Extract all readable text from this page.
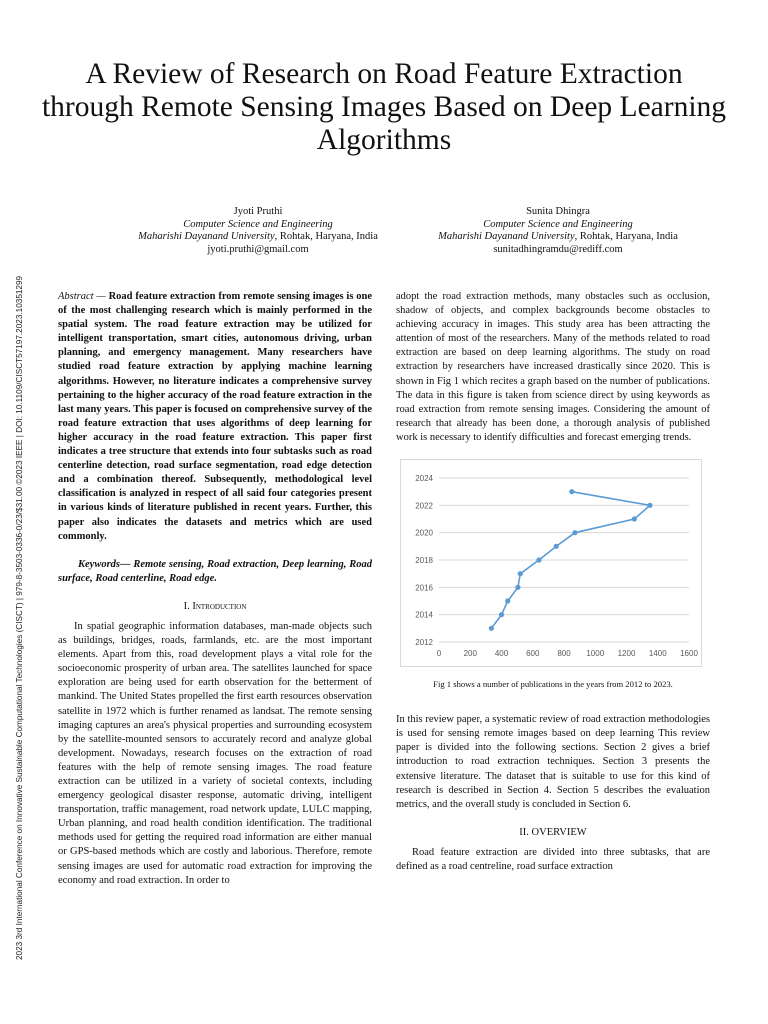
2023 3rd International Conference on Innovative Sustainable Computational Technologies (CISCT) | 979-8-3503-0336-0/23/$31.00 ©2023 IEEE | DOI: 10.1109/CISCT57197.2023.10351299
A Review of Research on Road Feature Extraction through Remote Sensing Images Based on Deep Learning Algorithms
Jyoti Pruthi
Computer Science and Engineering
Maharishi Dayanand University, Rohtak, Haryana, India
jyoti.pruthi@gmail.com
Sunita Dhingra
Computer Science and Engineering
Maharishi Dayanand University, Rohtak, Haryana, India
sunitadhingramdu@rediff.com

Abstract — Road feature extraction from remote sensing images is one of the most challenging research which is mainly performed in the spatial system. The road feature extraction may be utilized for intelligent transportation, smart cities, autonomous driving, urban planning, and emergency management. Many researchers have studied road feature extraction by applying machine learning algorithms. However, no literature indicates a comprehensive survey pertaining to the higher accuracy of the road feature extraction in the last many years. This paper is focused on comprehensive survey of the road feature extraction that uses algorithms of deep learning for higher accuracy in the road feature extraction. This paper first indicates a tree structure that extends into four subtasks such as road centerline detection, road surface segmentation, road edge detection and a combination thereof. Subsequently, methodological level classification is analyzed in respect of all said four categories present in various kinds of literature published in recent years. Further, this paper also indicates the datasets and metrics which are used commonly.

Keywords— Remote sensing, Road extraction, Deep learning, Road surface, Road centerline, Road edge.

I. Introduction

In spatial geographic information databases, man-made objects such as buildings, bridges, roads, farmlands, etc. are the most important elements. Apart from this, road development plays a vital role for the socioeconomic prosperity of urban area. The satellites launched for space exploration are being used for earth observation for the betterment of mankind. The United States propelled the first earth resources observation satellite in 1972 which is further renamed as landsat. The remote sensing imaging captures an area's physical properties and surrounding ecosystem by the satellite-mounted sensors to accurately record and analyze global development. Nowadays, research focuses on the extraction of road features with the help of remote sensing images. The road feature extraction can be utilized in a variety of societal contexts, including emergency geological disaster response, automatic driving, intelligent transportation, traffic management, road network update, LULC mapping, Urban planning, and road health condition identification. The traditional methods used for getting the required road information are either manual or GPS-based methods which are costly and laborious. Therefore, remote sensing images are used for automatic road extraction for improving the economy and road extraction. In order to

adopt the road extraction methods, many obstacles such as occlusion, shadow of objects, and complex backgrounds become obstacles to achieving accuracy in images. This study area has been attracting the attention of most of the researchers. Many of the methods related to road extraction are based on deep learning algorithms. The study on road extraction by researchers have increased drastically since 2020. This is shown in Fig 1 which recites a graph based on the number of publications. The data in this figure is taken from science direct by using keywords as road extraction from remote sensing images. Considering the amount of research that already has been done, a thorough analysis of published work is necessary to identify difficulties and forecast emerging trends.

2012
2014
2016
2018
2020
2022
2024
0	200 400 600 800 1000 1200 1400 1600

Fig 1 shows a number of publications in the years from 2012 to 2023.

In this review paper, a systematic review of road extraction methodologies is used for sensing remote images based on deep learning This review paper is divided into the following sections. Section 2 gives a brief introduction to road extraction techniques. Section 3 presents the extensive literature. The dataset that is suitable to use for this kind of research is described in Section 4. Section 5 describes the evaluation metrics, and the overall study is concluded in Section 6.

II. OVERVIEW

Road feature extraction are divided into three subtasks, that are defined as a road centreline, road surface extraction
